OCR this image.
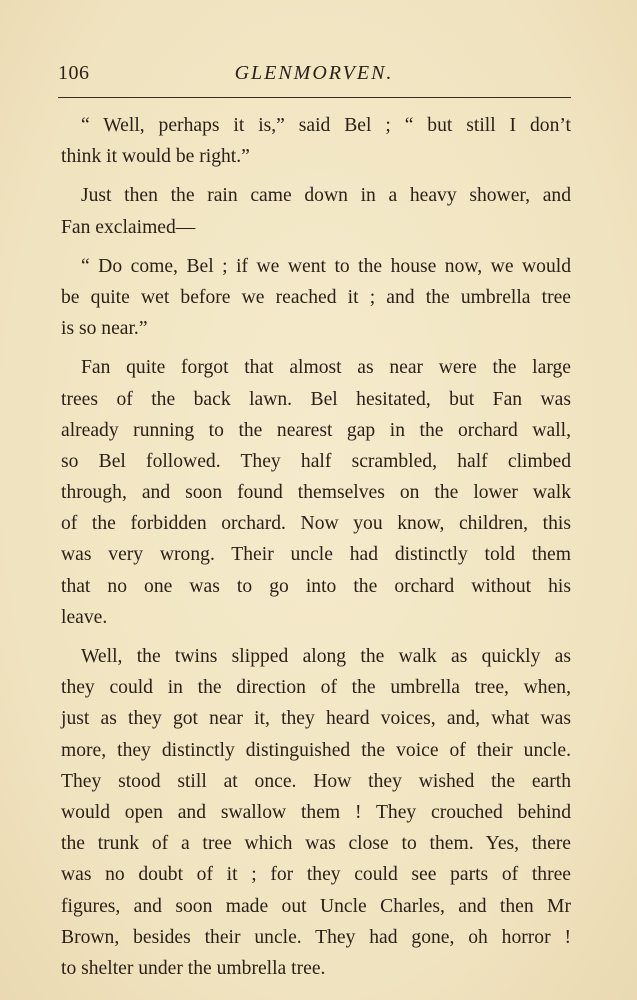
106	GLENMORVEN.
“ Well, perhaps it is,” said Bel ; “ but still I don’t
think it would be right.”
Just then the rain came down in a heavy shower, and
Fan exclaimed—
“ Do come, Bel ; if we went to the house now, we would
be quite wet before we reached it ; and the umbrella tree
is so near.”
Fan quite forgot that almost as near were the large
trees of the back lawn. Bel hesitated, but Fan was
already running to the nearest gap in the orchard wall,
so Bel followed. They half scrambled, half climbed
through, and soon found themselves on the lower walk
of the forbidden orchard. Now you know, children, this
was very wrong. Their uncle had distinctly told them
that no one was to go into the orchard without his
leave.
Well, the twins slipped along the walk as quickly as
they could in the direction of the umbrella tree, when,
just as they got near it, they heard voices, and, what was
more, they distinctly distinguished the voice of their uncle.
They stood still at once. How they wished the earth
would open and swallow them ! They crouched behind
the trunk of a tree which was close to them. Yes, there
was no doubt of it ; for they could see parts of three
figures, and soon made out Uncle Charles, and then Mr
Brown, besides their uncle. They had gone, oh horror !
to shelter under the umbrella tree.
